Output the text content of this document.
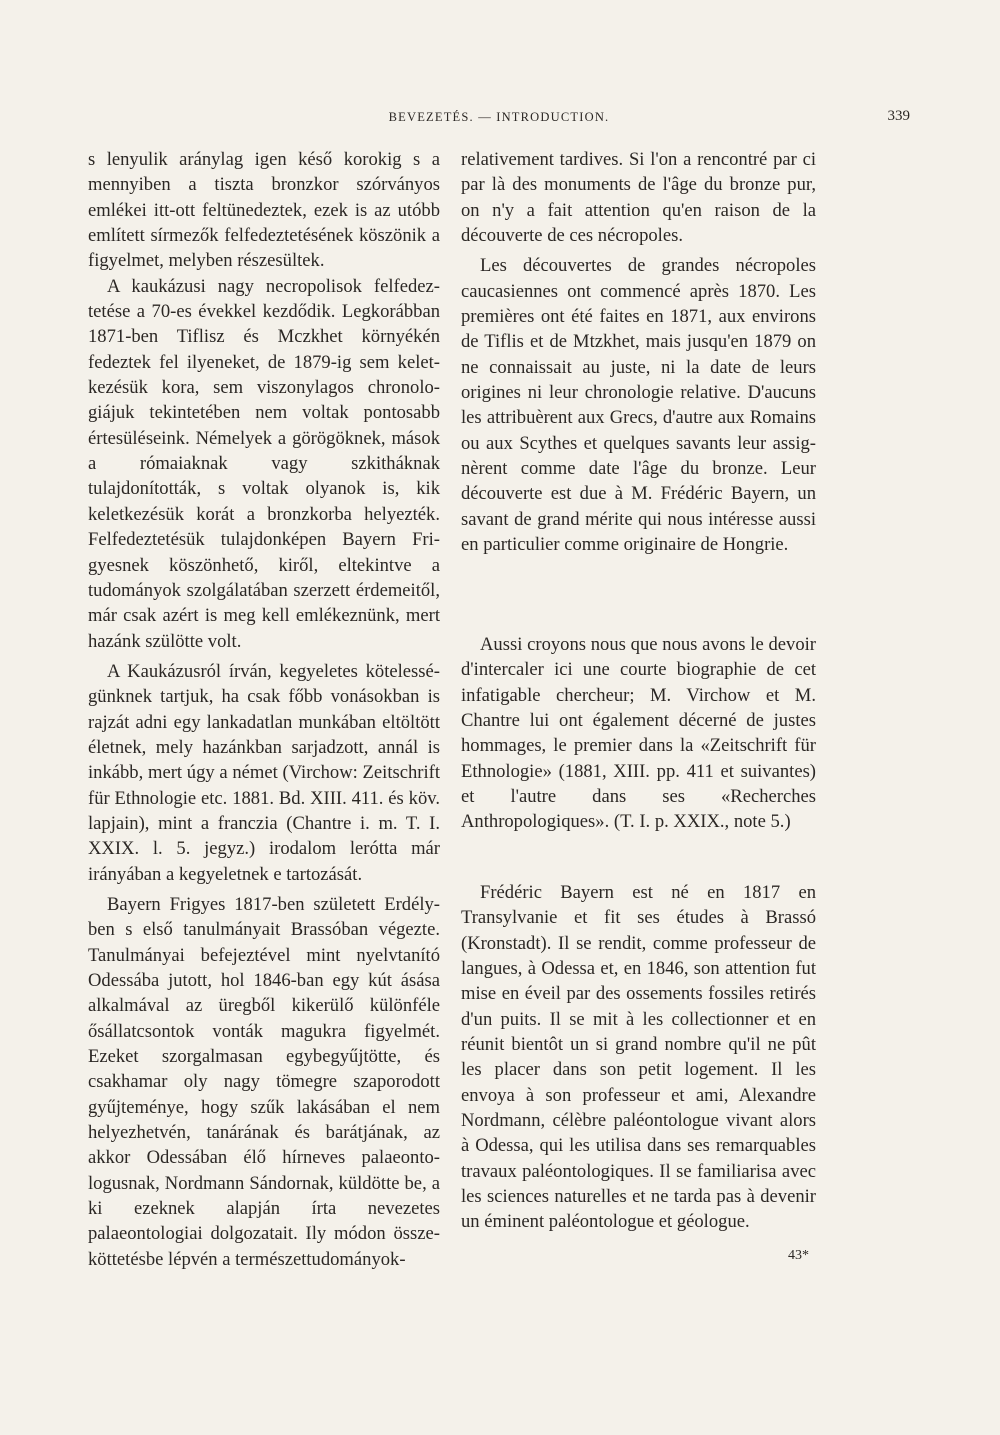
BEVEZETÉS. — INTRODUCTION.	339

s lenyulik aránylag igen késő korokig s a mennyiben a tiszta bronzkor szórványos emlékei itt-ott feltünedeztek, ezek is az utóbb említett sírmezők felfedeztetésének köszönik a figyelmet, melyben részesültek.

A kaukázusi nagy necropolisok felfedeztetése a 70-es évekkel kezdődik. Legkorábban 1871-ben Tiflisz és Mczkhet környékén fedeztek fel ilyeneket, de 1879-ig sem keletkezésük kora, sem viszonylagos chronologiájuk tekintetében nem voltak pontosabb értesüléseink. Némelyek a görögöknek, mások a rómaiaknak vagy szkitháknak tulajdonították, s voltak olyanok is, kik keletkezésük korát a bronzkorba helyezték. Felfedeztetésük tulajdonképen Bayern Frigyesnek köszönhető, kiről, eltekintve a tudományok szolgálatában szerzett érdemeitől, már csak azért is meg kell emlékeznünk, mert hazánk szülötte volt.

A Kaukázusról írván, kegyeletes kötelességünknek tartjuk, ha csak főbb vonásokban is rajzát adni egy lankadatlan munkában eltöltött életnek, mely hazánkban sarjadzott, annál is inkább, mert úgy a német (Virchow: Zeitschrift für Ethnologie etc. 1881. Bd. XIII. 411. és köv. lapjain), mint a franczia (Chantre i. m. T. I. XXIX. l. 5. jegyz.) irodalom lerótta már irányában a kegyeletnek e tartozását.

Bayern Frigyes 1817-ben született Erdélyben s első tanulmányait Brassóban végezte. Tanulmányai befejeztével mint nyelvtanító Odessába jutott, hol 1846-ban egy kút ásása alkalmával az üregből kikerülő különféle ősállatcsontok vonták magukra figyelmét. Ezeket szorgalmasan egybegyűjtötte, és csakhamar oly nagy tömegre szaporodott gyűjteménye, hogy szűk lakásában el nem helyezhetvén, tanárának és barátjának, az akkor Odessában élő hírneves palaeontologusnak, Nordmann Sándornak, küldötte be, a ki ezeknek alapján írta nevezetes palaeontologiai dolgozatait. Ily módon összeköttetésbe lépvén a természettudományok-

relativement tardives. Si l'on a rencontré par ci par là des monuments de l'âge du bronze pur, on n'y a fait attention qu'en raison de la découverte de ces nécropoles.

Les découvertes de grandes nécropoles caucasiennes ont commencé après 1870. Les premières ont été faites en 1871, aux environs de Tiflis et de Mtzkhet, mais jusqu'en 1879 on ne connaissait au juste, ni la date de leurs origines ni leur chronologie relative. D'aucuns les attribuèrent aux Grecs, d'autre aux Romains ou aux Scythes et quelques savants leur assignèrent comme date l'âge du bronze. Leur découverte est due à M. Frédéric Bayern, un savant de grand mérite qui nous intéresse aussi en particulier comme originaire de Hongrie.

Aussi croyons nous que nous avons le devoir d'intercaler ici une courte biographie de cet infatigable chercheur; M. Virchow et M. Chantre lui ont également décerné de justes hommages, le premier dans la «Zeitschrift für Ethnologie» (1881, XIII. pp. 411 et suivantes) et l'autre dans ses «Recherches Anthropologiques». (T. I. p. XXIX., note 5.)

Frédéric Bayern est né en 1817 en Transylvanie et fit ses études à Brassó (Kronstadt). Il se rendit, comme professeur de langues, à Odessa et, en 1846, son attention fut mise en éveil par des ossements fossiles retirés d'un puits. Il se mit à les collectionner et en réunit bientôt un si grand nombre qu'il ne pût les placer dans son petit logement. Il les envoya à son professeur et ami, Alexandre Nordmann, célèbre paléontologue vivant alors à Odessa, qui les utilisa dans ses remarquables travaux paléontologiques. Il se familiarisa avec les sciences naturelles et ne tarda pas à devenir un éminent paléontologue et géologue.

43*
